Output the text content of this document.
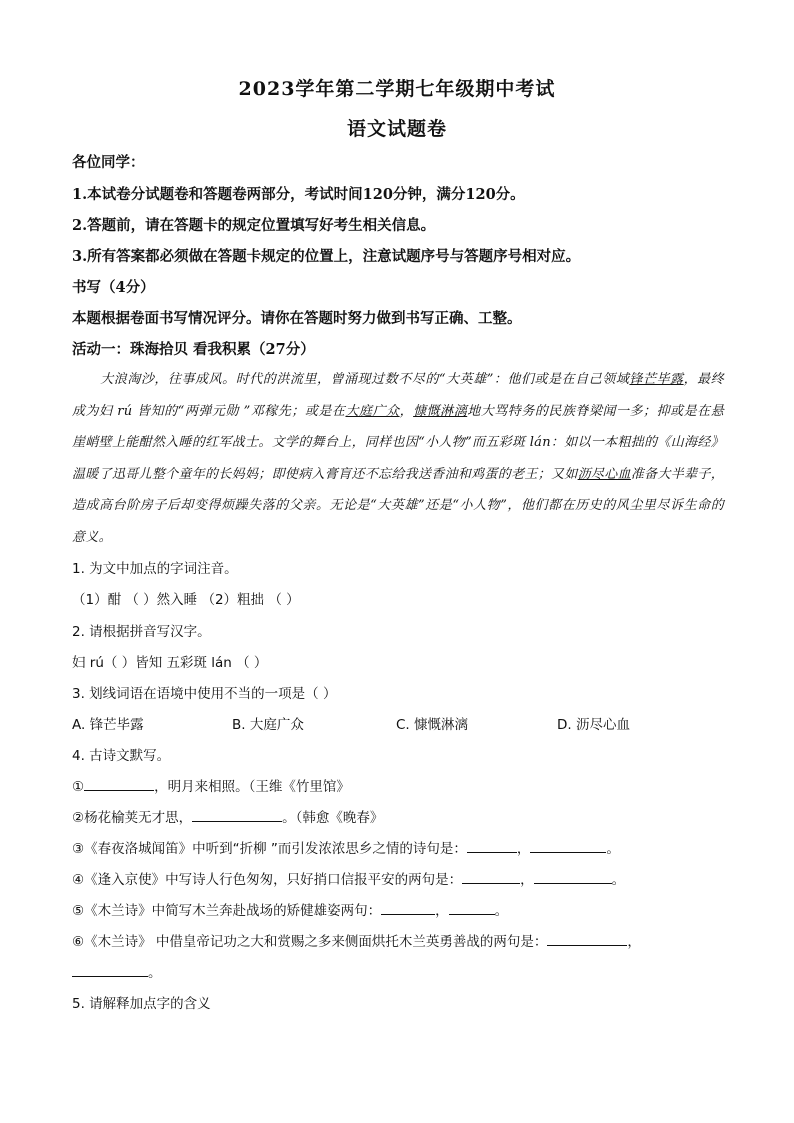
2023学年第二学期七年级期中考试
语文试题卷
各位同学：
1.本试卷分试题卷和答题卷两部分，考试时间120分钟，满分120分。
2.答题前，请在答题卡的规定位置填写好考生相关信息。
3.所有答案都必须做在答题卡规定的位置上，注意试题序号与答题序号相对应。
书写（4分）
本题根据卷面书写情况评分。请你在答题时努力做到书写正确、工整。
活动一：珠海拾贝 看我积累（27分）
大浪淘沙，往事成风。时代的洪流里，曾涌现过数不尽的“大英雄”：他们或是在自己领域锋芒毕露，最终成为妇 rú 皆知的“两弹元勋 ”邓稼先；或是在大庭广众，慷慨淋漓地大骂特务的民族脊梁闻一多；抑或是在悬崖峭壁上能酣然入睡的红军战士。文学的舞台上，同样也因“小人物”而五彩斑 lán：如以一本粗拙的《山海经》温暖了迅哥儿整个童年的长妈妈；即使病入膏肓还不忘给我送香油和鸡蛋的老王；又如沥尽心血准备大半辈子，造成高台阶房子后却变得烦躁失落的父亲。无论是“大英雄”还是“小人物”，他们都在历史的风尘里尽诉生命的意义。
1. 为文中加点的字词注音。
（1）酣 （ ）然入睡 （2）粗拙 （ ）
2. 请根据拼音写汉字。
妇 rú（ ）皆知 五彩斑 lán （ ）
3. 划线词语在语境中使用不当的一项是（ ）
A. 锋芒毕露	B. 大庭广众	C. 慷慨淋漓	D. 沥尽心血
4. 古诗文默写。
①	，明月来相照。（王维《竹里馆》
②杨花榆荚无才思，	。（韩愈《晚春》
③《春夜洛城闻笛》中听到“折柳 ”而引发浓浓思乡之情的诗句是：	，	。
④《逢入京使》中写诗人行色匆匆，只好捎口信报平安的两句是：	，	。
⑤《木兰诗》中简写木兰奔赴战场的矫健雄姿两句：	，	。
⑥《木兰诗》 中借皇帝记功之大和赏赐之多来侧面烘托木兰英勇善战的两句是：	，
。
5. 请解释加点字的含义
